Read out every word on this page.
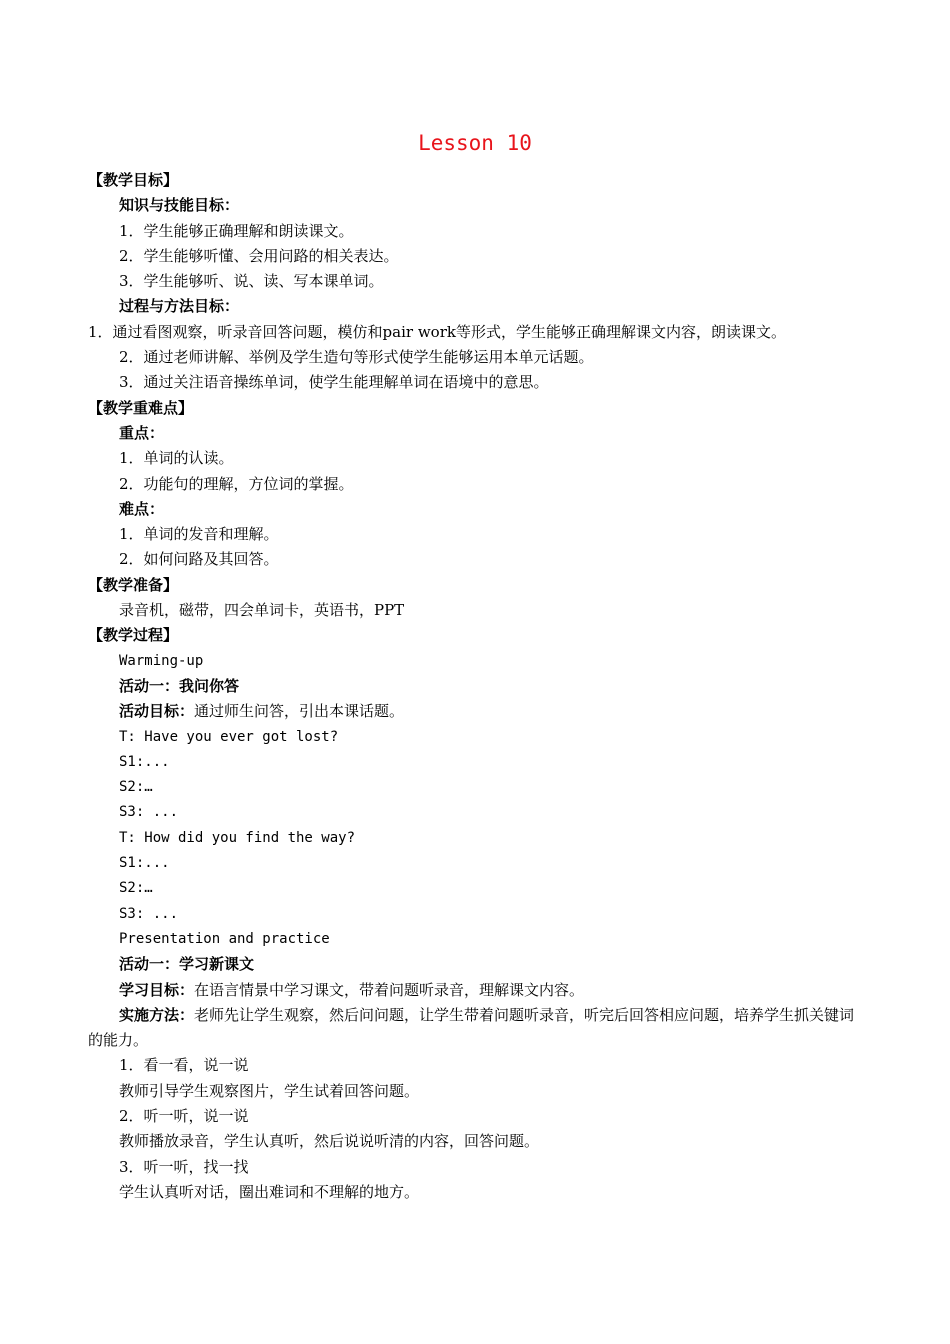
Lesson 10
【教学目标】
知识与技能目标：
1．学生能够正确理解和朗读课文。
2．学生能够听懂、会用问路的相关表达。
3．学生能够听、说、读、写本课单词。
过程与方法目标：
1．通过看图观察，听录音回答问题，模仿和pair work等形式，学生能够正确理解课文内容，朗读课文。
2．通过老师讲解、举例及学生造句等形式使学生能够运用本单元话题。
3．通过关注语音操练单词，使学生能理解单词在语境中的意思。
【教学重难点】
重点：
1．单词的认读。
2．功能句的理解，方位词的掌握。
难点：
1．单词的发音和理解。
2．如何问路及其回答。
【教学准备】
录音机，磁带，四会单词卡，英语书，PPT
【教学过程】
Warming-up
活动一：我问你答
活动目标：通过师生问答，引出本课话题。
T: Have you ever got lost?
S1:...
S2:…
S3: ...
T: How did you find the way?
S1:...
S2:…
S3: ...
Presentation and practice
活动一：学习新课文
学习目标：在语言情景中学习课文，带着问题听录音，理解课文内容。
实施方法：老师先让学生观察，然后问问题，让学生带着问题听录音，听完后回答相应问题，培养学生抓关键词的能力。
1．看一看，说一说
教师引导学生观察图片，学生试着回答问题。
2．听一听，说一说
教师播放录音，学生认真听，然后说说听清的内容，回答问题。
3．听一听，找一找
学生认真听对话，圈出难词和不理解的地方。
